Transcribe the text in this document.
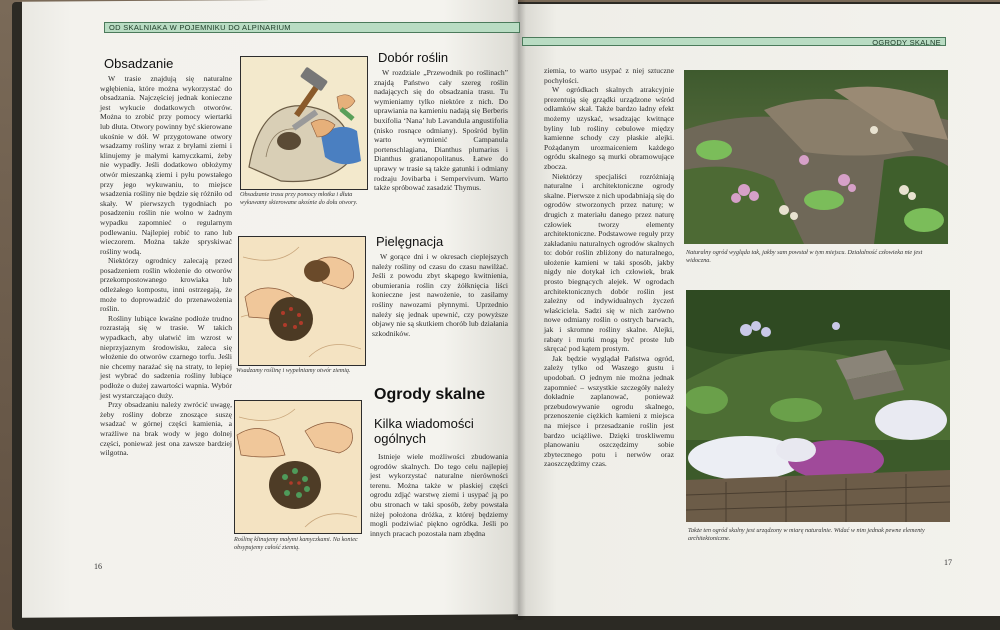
OD SKALNIAKA W POJEMNIKU DO ALPINARIUM
OGRODY SKALNE
Obsadzanie

W trasie znajdują się naturalne wgłębienia, które można wykorzystać do obsadzania. Najczęściej jednak konieczne jest wykucie dodatkowych otworów. Można to zrobić przy pomocy wiertarki lub dłuta. Otwory powinny być skierowane ukośnie w dół. W przygotowane otwory wsadzamy rośliny wraz z bryłami ziemi i klinujemy je małymi kamyczkami, żeby nie wypadły. Jeśli dodatkowo obłożymy otwór mieszanką ziemi i pyłu powstałego przy jego wykuwaniu, to miejsce wsadzenia rośliny nie będzie się różniło od skały. W pierwszych tygodniach po posadzeniu roślin nie wolno w żadnym wypadku zapomnieć o regularnym podlewaniu. Najlepiej robić to rano lub wieczorem. Można także spryskiwać rośliny wodą.

Niektórzy ogrodnicy zalecają przed posadzeniem roślin włożenie do otworów przekompostowanego krowiaka lub odleżałego kompostu, inni ostrzegają, że może to doprowadzić do przenawożenia roślin.

Rośliny lubiące kwaśne podłoże trudno rozrastają się w trasie. W takich wypadkach, aby ułatwić im wzrost w nieprzyjaznym środowisku, zaleca się włożenie do otworów czarnego torfu. Jeśli nie chcemy narażać się na straty, to lepiej jest wybrać do sadzenia rośliny lubiące podłoże o dużej zawartości wapnia. Wybór jest wystarczająco duży.

Przy obsadzaniu należy zwrócić uwagę, żeby rośliny dobrze znoszące suszę wsadzać w górnej części kamienia, a wrażliwe na brak wody w jego dolnej części, ponieważ jest ona zawsze bardziej wilgotna.

Obsadzanie trasu przy pomocy młotka i dłuta wykuwamy skierowane ukośnie do dołu otwory.
Wsadzamy roślinę i wypełniamy otwór ziemią.
Roślinę klinujemy małymi kamyczkami. Na koniec obsypujemy całość ziemią.
Dobór roślin
W rozdziale „Przewodnik po roślinach” znajdą Państwo cały szereg roślin nadających się do obsadzania trasu. Tu wymieniamy tylko niektóre z nich. Do uprawiania na kamieniu nadają się Berberis buxifolia ‘Nana’ lub Lavandula angustifolia (nisko rosnące odmiany). Spośród bylin warto wymienić Campanula portenschlagiana, Dianthus plumarius i Dianthus gratianopolitanus. Łatwe do uprawy w trasie są także gatunki i odmiany rodzaju Jovibarba i Sempervivum. Warto także spróbować zasadzić Thymus.
Pielęgnacja
W gorące dni i w okresach cieplejszych należy rośliny od czasu do czasu nawilżać. Jeśli z powodu zbyt skąpego kwitnienia, obumierania roślin czy żółknięcia liści konieczne jest nawożenie, to zasilamy rośliny nawozami płynnymi. Uprzednio należy się jednak upewnić, czy powyższe objawy nie są skutkiem chorób lub działania szkodników.
Ogrody skalne
Kilka wiadomości ogólnych
Istnieje wiele możliwości zbudowania ogrodów skalnych. Do tego celu najlepiej jest wykorzystać naturalne nierówności terenu. Można także w płaskiej części ogrodu zdjąć warstwę ziemi i usypać ją po obu stronach w taki sposób, żeby powstała niżej położona dróżka, z której będziemy mogli podziwiać piękno ogródka. Jeśli po innych pracach pozostała nam zbędna
16

ziemia, to warto usypać z niej sztuczne pochyłości.

W ogródkach skalnych atrakcyjnie prezentują się grządki urządzone wśród odłamków skał. Także bardzo ładny efekt możemy uzyskać, wsadzając kwitnące byliny lub rośliny cebulowe między kamienne schody czy płaskie alejki. Pożądanym urozmaiceniem każdego ogródu skalnego są murki obramowujące zbocza.

Niektórzy specjaliści rozróżniają naturalne i architektoniczne ogrody skalne. Pierwsze z nich upodabniają się do ogrodów stworzonych przez naturę; w drugich z materiału danego przez naturę człowiek tworzy elementy architektoniczne. Podstawowe reguły przy zakładaniu naturalnych ogrodów skalnych to: dobór roślin zbliżony do naturalnego, ułożenie kamieni w taki sposób, jakby nigdy nie dotykał ich człowiek, brak prosto biegnących alejek. W ogrodach architektonicznych dobór roślin jest zależny od indywidualnych życzeń właściciela. Sadzi się w nich zarówno nowe odmiany roślin o ostrych barwach, jak i skromne rośliny skalne. Alejki, rabaty i murki mogą być proste lub skręcać pod kątem prostym.

Jak będzie wyglądał Państwa ogród, zależy tylko od Waszego gustu i upodobań. O jednym nie można jednak zapomnieć – wszystkie szczegóły należy dokładnie zaplanować, ponieważ przebudowywanie ogrodu skalnego, przenoszenie ciężkich kamieni z miejsca na miejsce i przesadzanie roślin jest bardzo uciążliwe. Dzięki troskliwemu planowaniu oszczędzimy sobie zbytecznego potu i nerwów oraz zaoszczędzimy czas.

Naturalny ogród wygląda tak, jakby sam powstał w tym miejscu. Działalność człowieka nie jest widoczna.
Także ten ogród skalny jest urządzony w miarę naturalnie. Widać w nim jednak pewne elementy architektoniczne.
17
